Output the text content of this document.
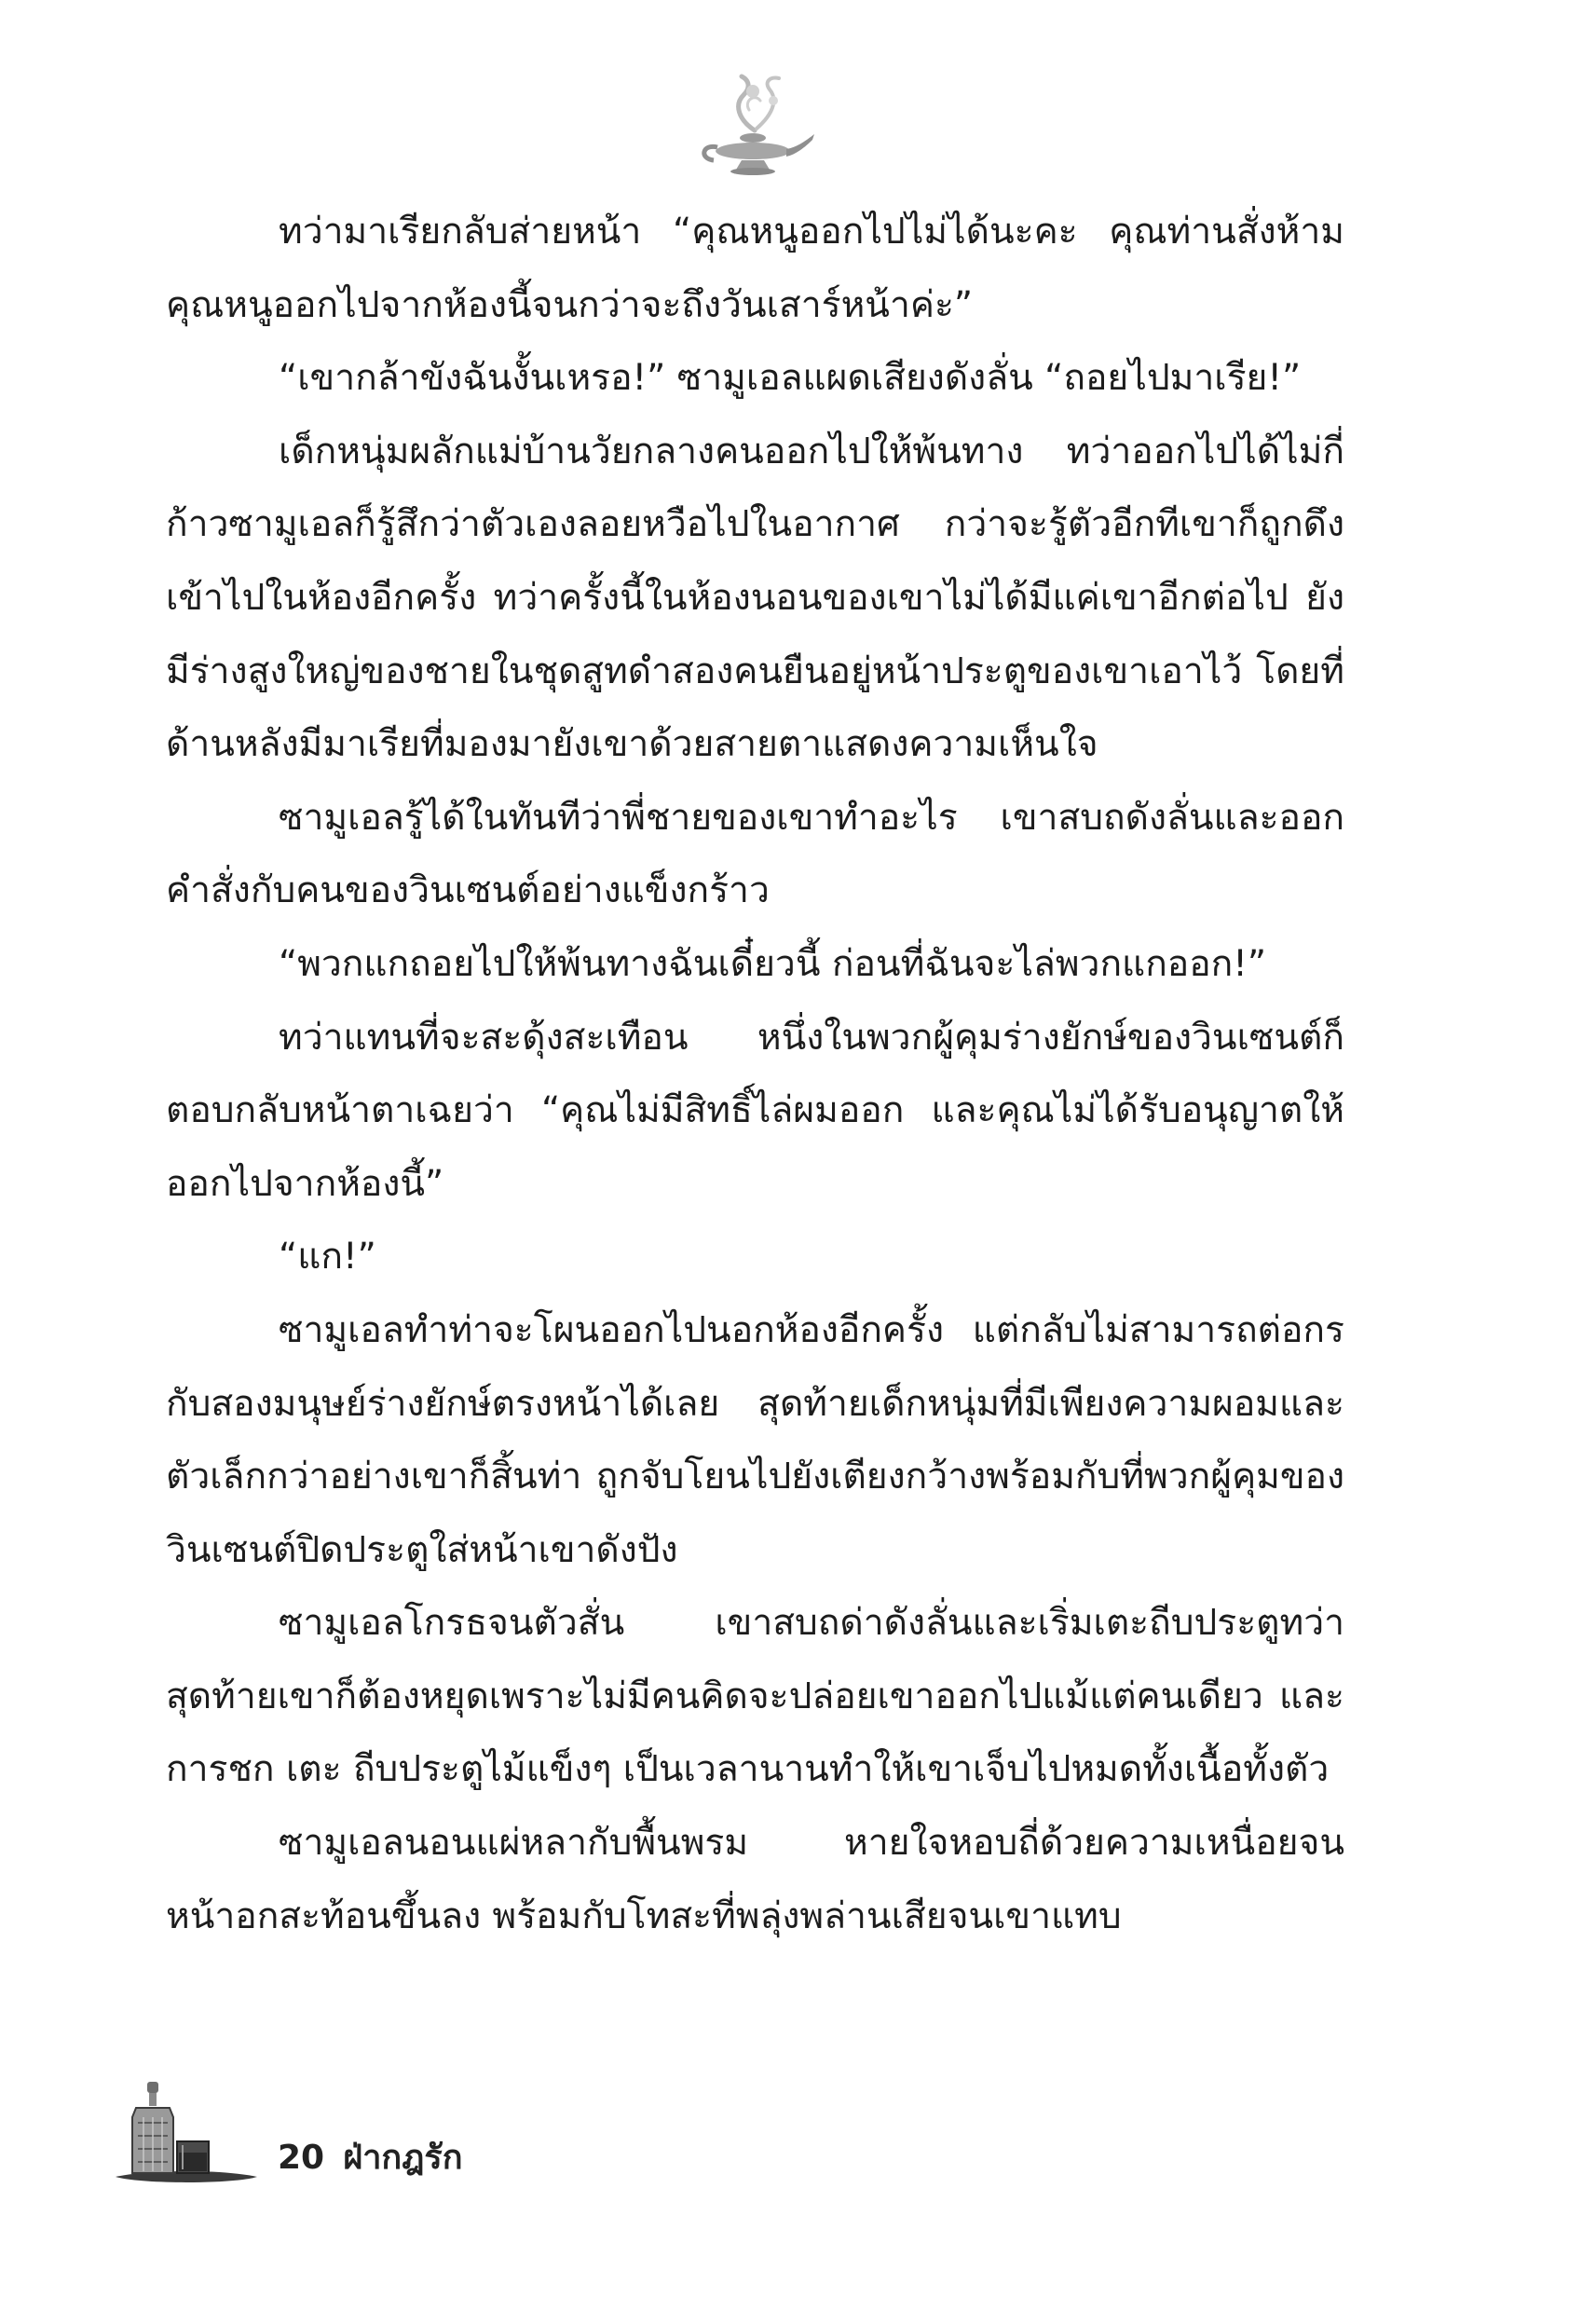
ทว่ามาเรียกลับส่ายหน้า “คุณหนูออกไปไม่ได้นะคะ คุณท่านสั่งห้ามคุณหนูออกไปจากห้องนี้จนกว่าจะถึงวันเสาร์หน้าค่ะ”

“เขากล้าขังฉันงั้นเหรอ!” ซามูเอลแผดเสียงดังลั่น “ถอยไปมาเรีย!”

เด็กหนุ่มผลักแม่บ้านวัยกลางคนออกไปให้พ้นทาง ทว่าออกไปได้ไม่กี่ก้าวซามูเอลก็รู้สึกว่าตัวเองลอยหวือไปในอากาศ กว่าจะรู้ตัวอีกทีเขาก็ถูกดึงเข้าไปในห้องอีกครั้ง ทว่าครั้งนี้ในห้องนอนของเขาไม่ได้มีแค่เขาอีกต่อไป ยังมีร่างสูงใหญ่ของชายในชุดสูทดำสองคนยืนอยู่หน้าประตูของเขาเอาไว้ โดยที่ด้านหลังมีมาเรียที่มองมายังเขาด้วยสายตาแสดงความเห็นใจ

ซามูเอลรู้ได้ในทันทีว่าพี่ชายของเขาทำอะไร เขาสบถดังลั่นและออกคำสั่งกับคนของวินเซนต์อย่างแข็งกร้าว

“พวกแกถอยไปให้พ้นทางฉันเดี๋ยวนี้ ก่อนที่ฉันจะไล่พวกแกออก!”

ทว่าแทนที่จะสะดุ้งสะเทือน หนึ่งในพวกผู้คุมร่างยักษ์ของวินเซนต์ก็ตอบกลับหน้าตาเฉยว่า “คุณไม่มีสิทธิ์ไล่ผมออก และคุณไม่ได้รับอนุญาตให้ออกไปจากห้องนี้”

“แก!”

ซามูเอลทำท่าจะโผนออกไปนอกห้องอีกครั้ง แต่กลับไม่สามารถต่อกรกับสองมนุษย์ร่างยักษ์ตรงหน้าได้เลย สุดท้ายเด็กหนุ่มที่มีเพียงความผอมและตัวเล็กกว่าอย่างเขาก็สิ้นท่า ถูกจับโยนไปยังเตียงกว้างพร้อมกับที่พวกผู้คุมของวินเซนต์ปิดประตูใส่หน้าเขาดังปัง

ซามูเอลโกรธจนตัวสั่น เขาสบถด่าดังลั่นและเริ่มเตะถีบประตูทว่าสุดท้ายเขาก็ต้องหยุดเพราะไม่มีคนคิดจะปล่อยเขาออกไปแม้แต่คนเดียว และการชก เตะ ถีบประตูไม้แข็งๆ เป็นเวลานานทำให้เขาเจ็บไปหมดทั้งเนื้อทั้งตัว

ซามูเอลนอนแผ่หลากับพื้นพรม หายใจหอบถี่ด้วยความเหนื่อยจนหน้าอกสะท้อนขึ้นลง พร้อมกับโทสะที่พลุ่งพล่านเสียจนเขาแทบ

20 ฝ่ากฎรัก
